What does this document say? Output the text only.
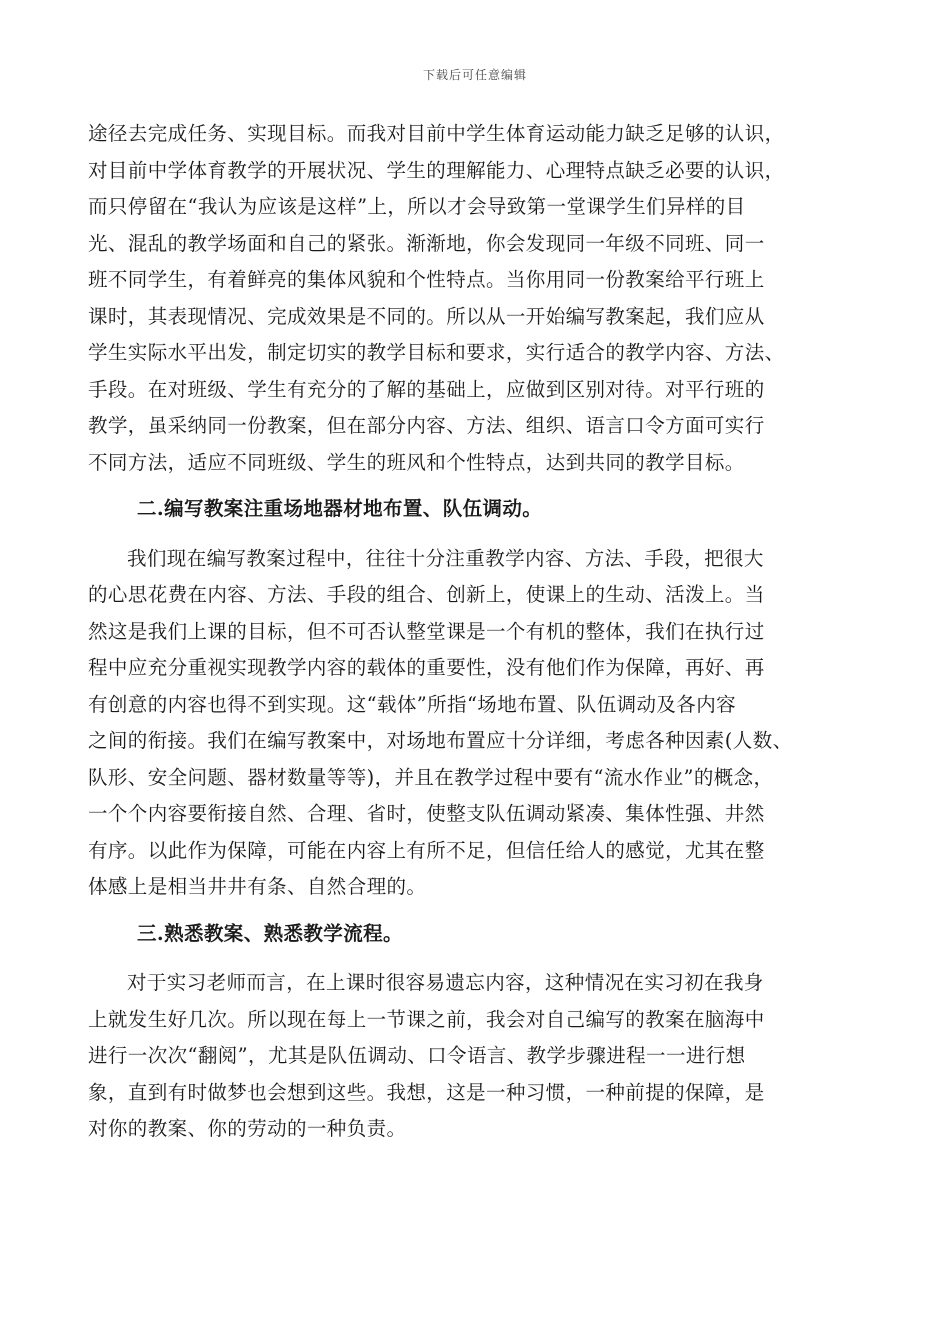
下载后可任意编辑
途径去完成任务、实现目标。而我对目前中学生体育运动能力缺乏足够的认识，
对目前中学体育教学的开展状况、学生的理解能力、心理特点缺乏必要的认识，
而只停留在“我认为应该是这样”上，所以才会导致第一堂课学生们异样的目
光、混乱的教学场面和自己的紧张。渐渐地，你会发现同一年级不同班、同一
班不同学生，有着鲜亮的集体风貌和个性特点。当你用同一份教案给平行班上
课时，其表现情况、完成效果是不同的。所以从一开始编写教案起，我们应从
学生实际水平出发，制定切实的教学目标和要求，实行适合的教学内容、方法、
手段。在对班级、学生有充分的了解的基础上，应做到区别对待。对平行班的
教学，虽采纳同一份教案，但在部分内容、方法、组织、语言口令方面可实行
不同方法，适应不同班级、学生的班风和个性特点，达到共同的教学目标。
二.编写教案注重场地器材地布置、队伍调动。
我们现在编写教案过程中，往往十分注重教学内容、方法、手段，把很大
的心思花费在内容、方法、手段的组合、创新上，使课上的生动、活泼上。当
然这是我们上课的目标，但不可否认整堂课是一个有机的整体，我们在执行过
程中应充分重视实现教学内容的载体的重要性，没有他们作为保障，再好、再
有创意的内容也得不到实现。这“载体”所指“场地布置、队伍调动及各内容
之间的衔接。我们在编写教案中，对场地布置应十分详细，考虑各种因素(人数、
队形、安全问题、器材数量等等)，并且在教学过程中要有“流水作业”的概念，
一个个内容要衔接自然、合理、省时，使整支队伍调动紧凑、集体性强、井然
有序。以此作为保障，可能在内容上有所不足，但信任给人的感觉，尤其在整
体感上是相当井井有条、自然合理的。
三.熟悉教案、熟悉教学流程。
对于实习老师而言，在上课时很容易遗忘内容，这种情况在实习初在我身
上就发生好几次。所以现在每上一节课之前，我会对自己编写的教案在脑海中
进行一次次“翻阅”，尤其是队伍调动、口令语言、教学步骤进程一一进行想
象，直到有时做梦也会想到这些。我想，这是一种习惯，一种前提的保障，是
对你的教案、你的劳动的一种负责。
